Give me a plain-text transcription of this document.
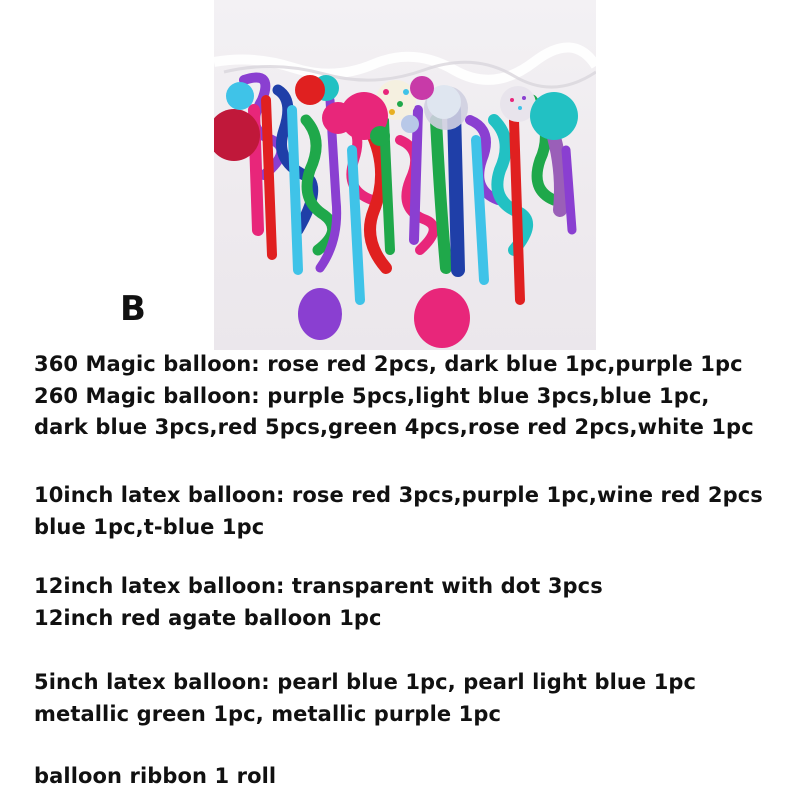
B
360 Magic balloon: rose red 2pcs, dark blue 1pc,purple 1pc
260 Magic balloon: purple 5pcs,light blue 3pcs,blue 1pc,
dark blue 3pcs,red 5pcs,green 4pcs,rose red 2pcs,white 1pc
10inch latex balloon: rose red 3pcs,purple 1pc,wine red 2pcs
blue 1pc,t-blue 1pc
12inch latex balloon: transparent with dot 3pcs
12inch red agate balloon 1pc
5inch latex balloon: pearl blue 1pc, pearl light blue 1pc
metallic green 1pc, metallic purple 1pc
balloon ribbon 1 roll
